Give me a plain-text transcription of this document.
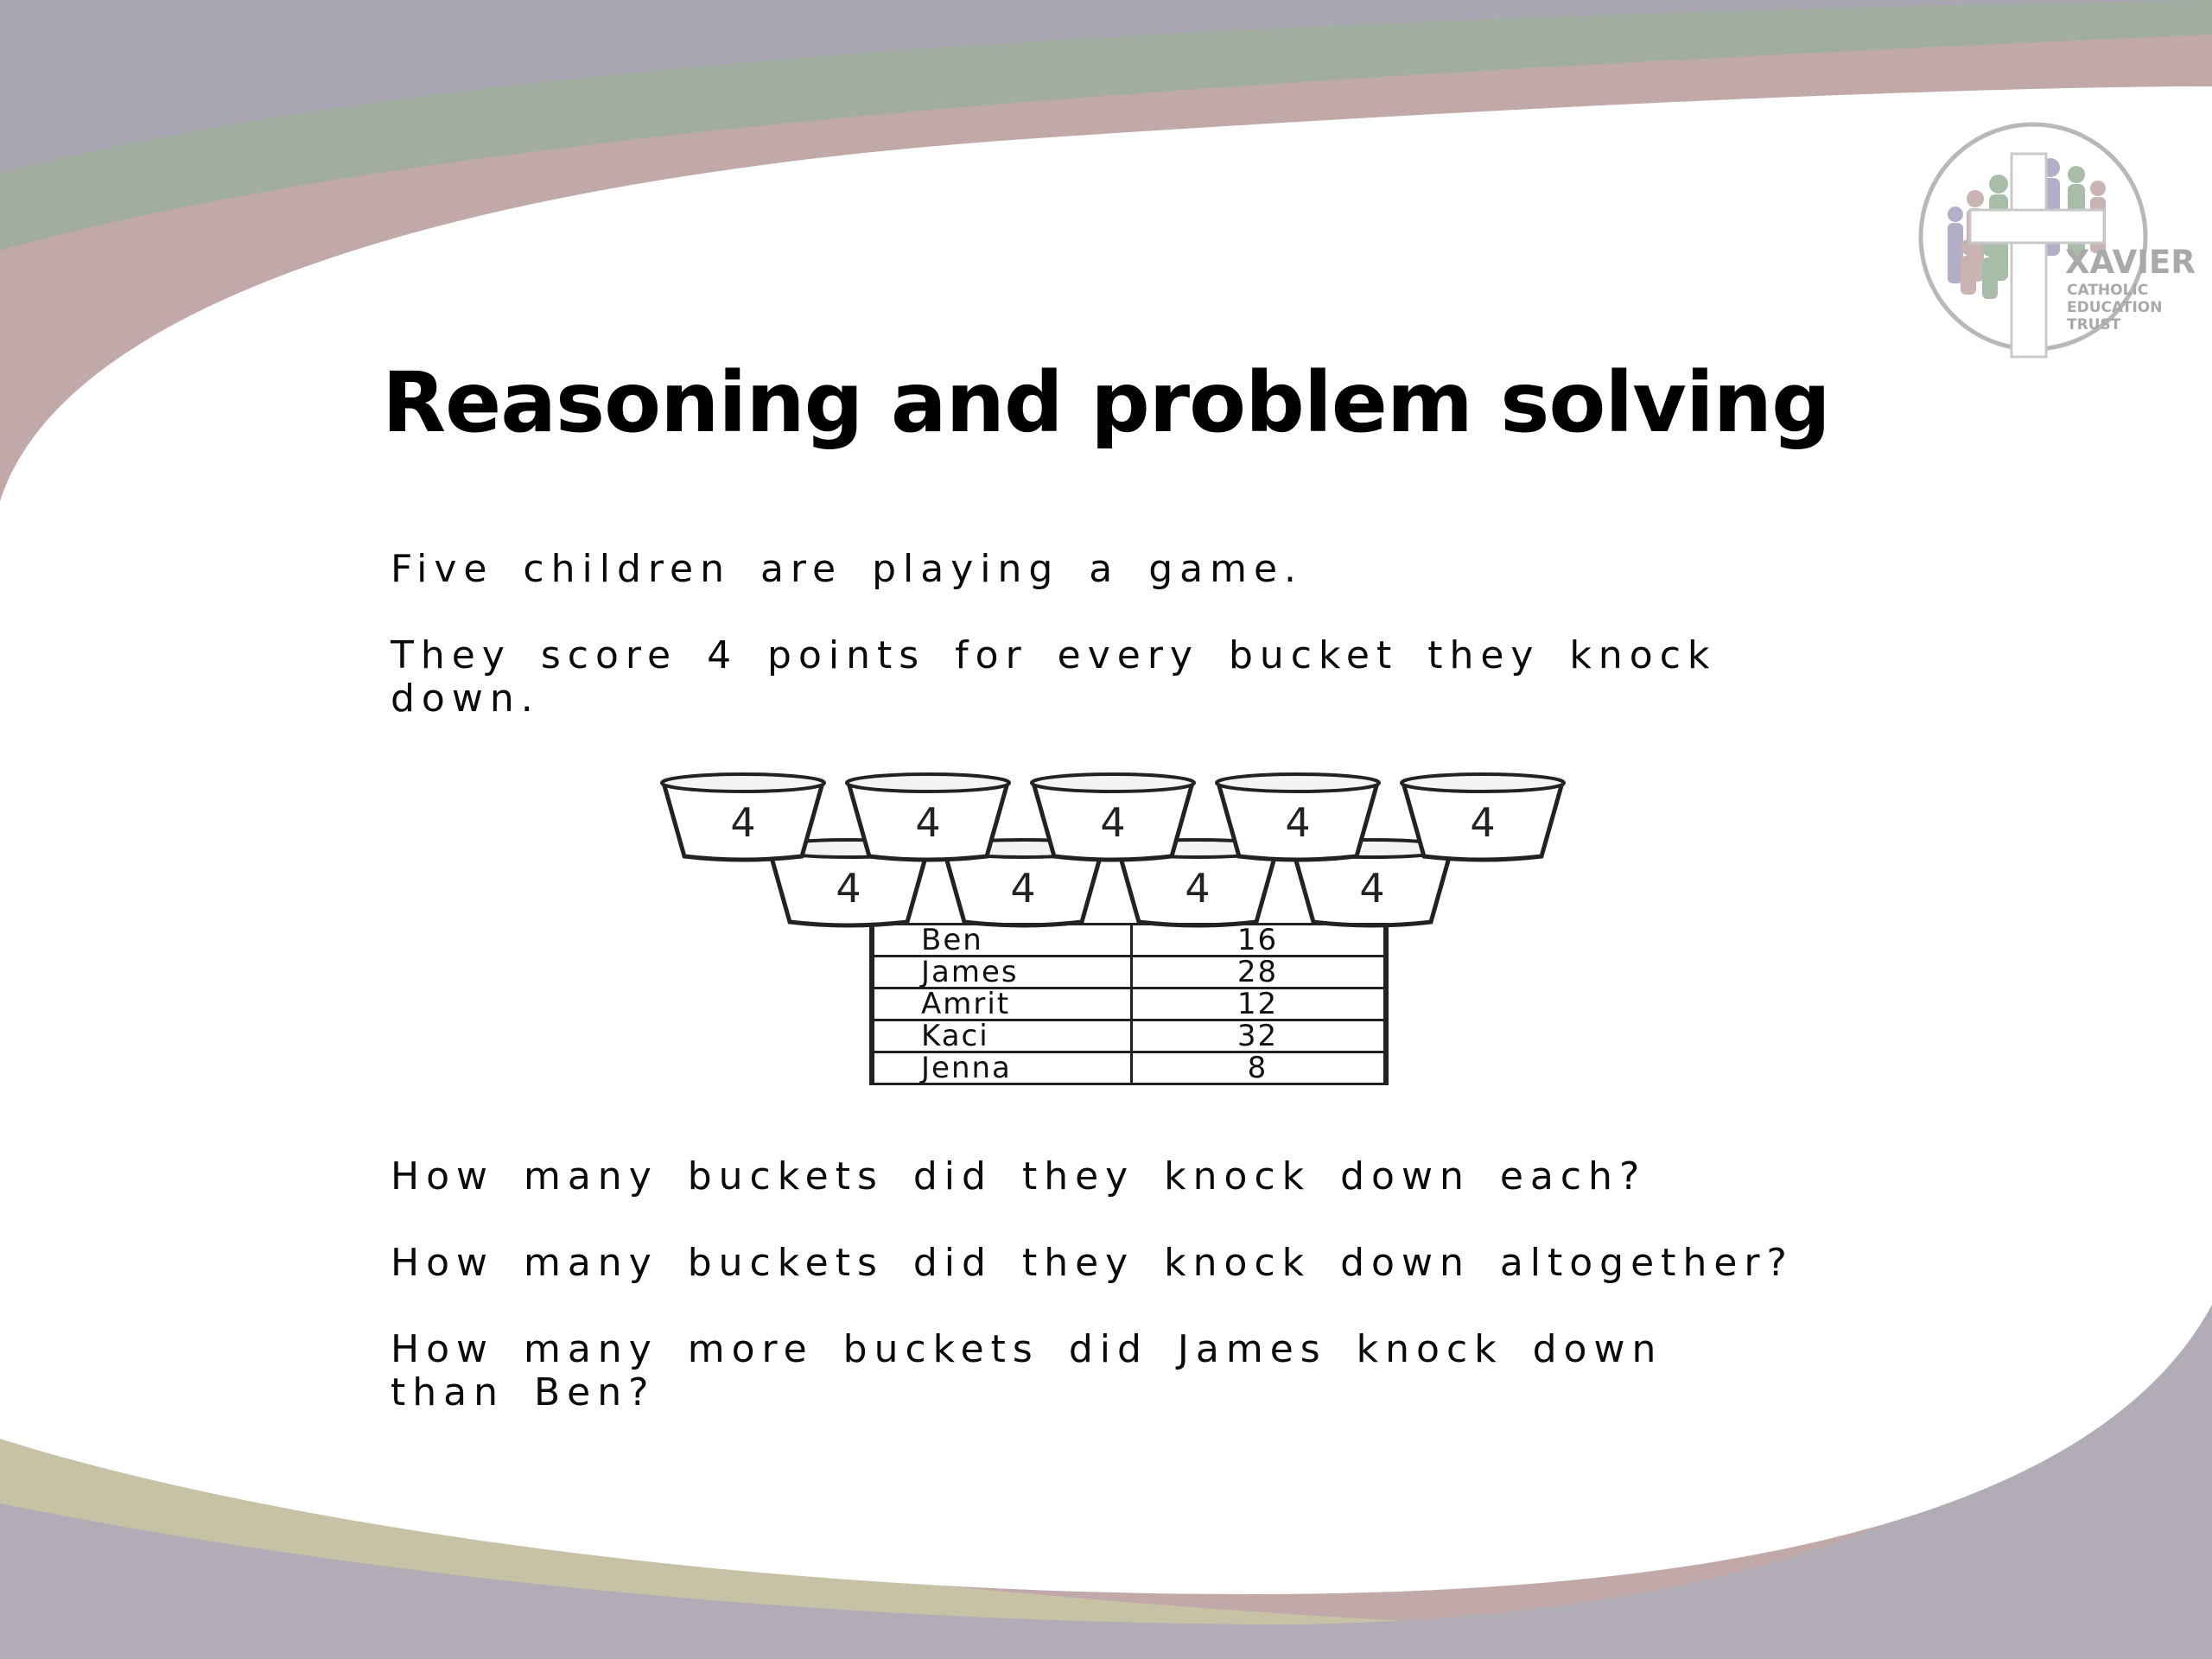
XAVIER
CATHOLIC
EDUCATION
TRUST
Reasoning and problem solving

Five children are playing a game.

They score 4 points for every bucket they knock down.

4	4	4	4
4	4	4	4	4
Ben	16
James	28
Amrit	12
Kaci	32
Jenna	8

How many buckets did they knock down each?

How many buckets did they knock down altogether?

How many more buckets did James knock down than Ben?
